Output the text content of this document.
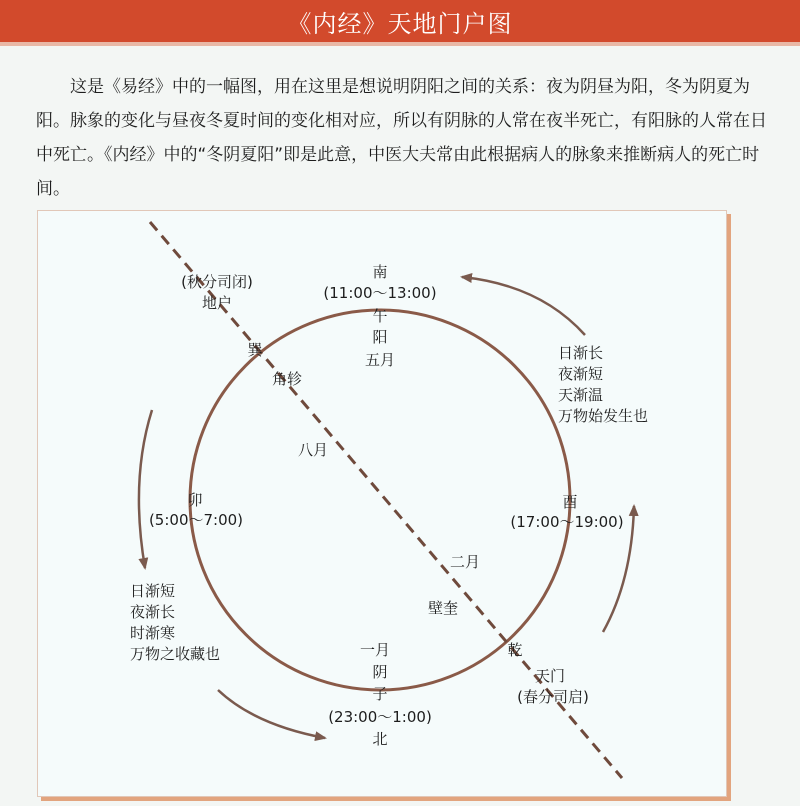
《内经》天地门户图

这是《易经》中的一幅图，用在这里是想说明阴阳之间的关系：夜为阴昼为阳，冬为阴夏为阳。脉象的变化与昼夜冬夏时间的变化相对应，所以有阴脉的人常在夜半死亡，有阳脉的人常在日中死亡。《内经》中的“冬阴夏阳”即是此意，中医大夫常由此根据病人的脉象来推断病人的死亡时间。

南
(11:00～13:00)
午
阳
五月
(秋分司闭)
地户
巽
角轸
八月
卯
(5:00～7:00)
酉
(17:00～19:00)
日渐长
夜渐短
天渐温
万物始发生也
日渐短
夜渐长
时渐寒
万物之收藏也
二月
壁奎
乾
天门
(春分司启)
一月
阴
子
(23:00～1:00)
北
